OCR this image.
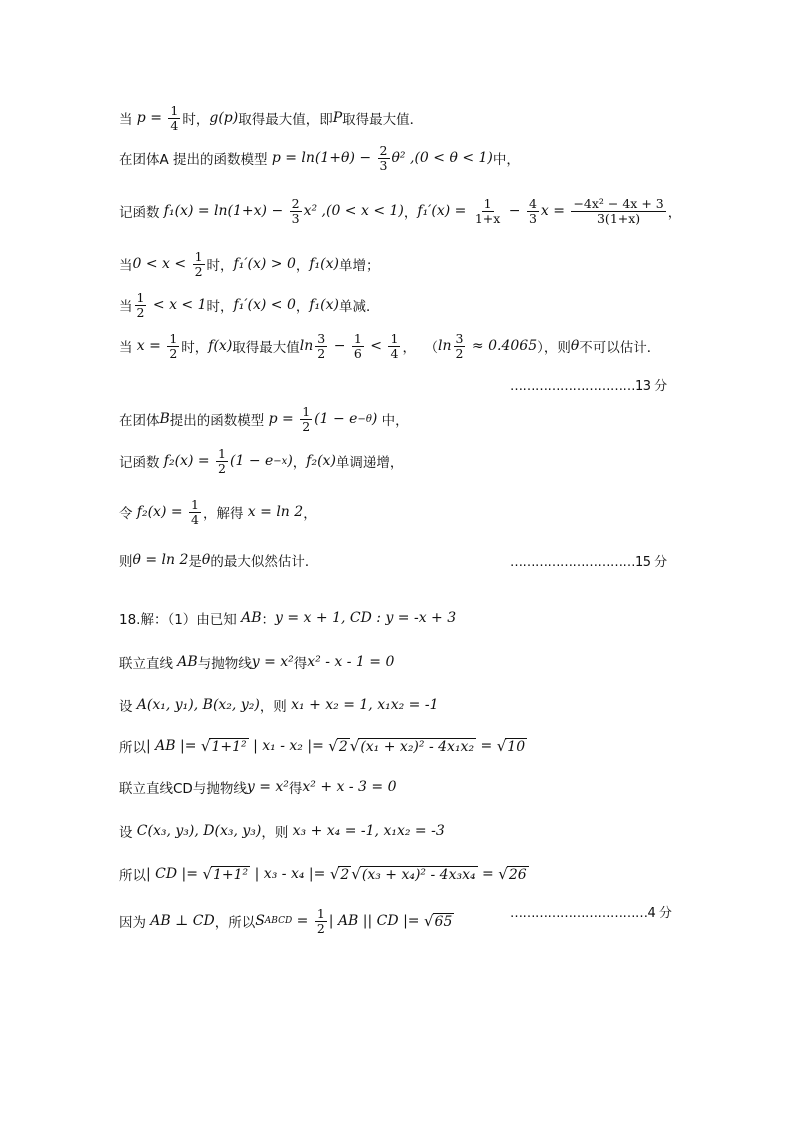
当 $p = \frac{1}{4}$ 时， g(p) 取得最大值，即 P 取得最大值．
在团体A 提出的函数模型 $p = \ln(1+\theta) - \frac{2}{3} \theta^2$ ,(0 < θ < 1) 中，
记函数 $f_1(x) = \ln(1+x) - \frac{2}{3} x^2$ ,(0 < x < 1) ， $f_1'(x) = \frac{1}{1+x} - \frac{4}{3}$ $x = \frac{\text{−4x² − 4x + 3}}{3(1+x)}$ ，
当 $0 < x < \frac{1}{2}$ 时， f₁′(x) > 0 ， f₁(x) 单增；
当 $\frac{1}{2} < x < 1$ 时， f₁′(x) < 0 ， f₁(x) 单减．
当 $x = \frac{1}{2}$ 时， f(x) 取得最大值 $\ln \frac{3}{2} - \frac{1}{6} < \frac{1}{4}$ ，  （ $\ln \frac{3}{2} \approx 0.4065$ ），则 θ 不可以估计．
…………………………13 分
在团体 B 提出的函数模型 $p = \frac{1}{2} (1 - e -\theta$ ) 中，
记函数 $f_2(x) = \frac{1}{2} (1 - e -x$ ) ， f₂(x) 单调递增，
令 $f_2(x) = \frac{1}{4}$ ，解得 x = ln 2 ，
则 θ = ln 2 是 θ 的最大似然估计．	…………………………15 分
18.解：（1）由已知 AB ： y = x + 1, CD : y = -x + 3
联立直线 AB 与抛物线 y = x² 得 x² - x - 1 = 0
设 A(x₁, y₁), B(x₂, y₂) ，则 x₁ + x₂ = 1, x₁x₂ = -1
所以 | AB |= √1+1² | x₁ - x₂ |= √2 √(x₁ + x₂)² - 4x₁x₂ = √10
联立直线CD与抛物线 y = x² 得 x² + x - 3 = 0
设 C(x₃, y₃), D(x₃, y₃) ，则 x₃ + x₄ = -1, x₁x₂ = -3
所以 | CD |= √1+1² | x₃ - x₄ |= √2 √(x₃ + x₄)² - 4x₃x₄ = √26
因为 AB ⊥ CD ，所以 S ABCD = $\frac{1}{2}$ | AB || CD |= √65
……………………………4 分
